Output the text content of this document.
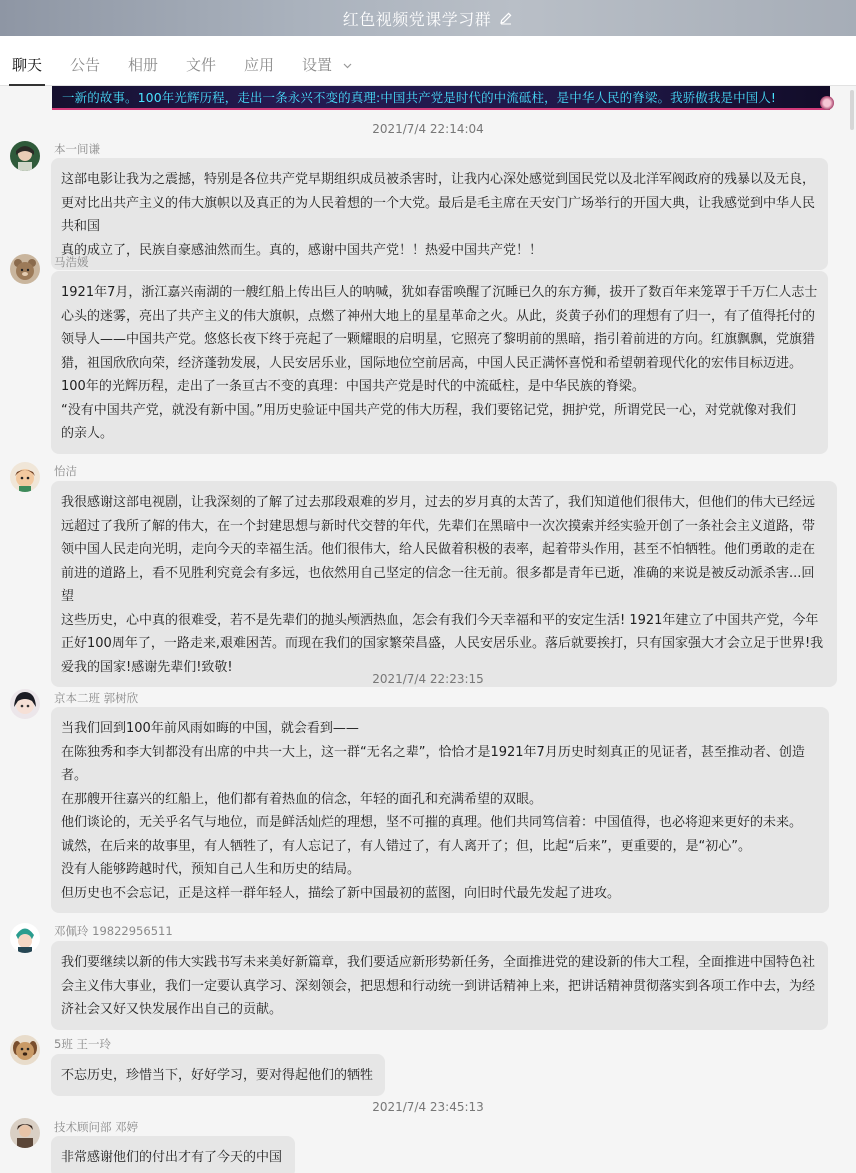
红色视频党课学习群
聊天 公告 相册 文件 应用 设置
一新的故事。100年光辉历程，走出一条永兴不变的真理:中国共产党是时代的中流砥柱，是中华人民的脊梁。我骄傲我是中国人!
2021/7/4 22:14:04
本一间谦

这部电影让我为之震撼，特别是各位共产党早期组织成员被杀害时，让我内心深处感觉到国民党以及北洋军阀政府的残暴以及无良，

更对比出共产主义的伟大旗帜以及真正的为人民着想的一个大党。最后是毛主席在天安门广场举行的开国大典，让我感觉到中华人民共和国

真的成立了，民族自豪感油然而生。真的，感谢中国共产党！！热爱中国共产党！！

马浩媛

1921年7月，浙江嘉兴南湖的一艘红船上传出巨人的呐喊，犹如春雷唤醒了沉睡已久的东方狮，拔开了数百年来笼罩于千万仁人志士

心头的迷雾，亮出了共产主义的伟大旗帜，点燃了神州大地上的星星革命之火。从此，炎黄子孙们的理想有了归一，有了值得托付的

领导人——中国共产党。悠悠长夜下终于亮起了一颗耀眼的启明星，它照亮了黎明前的黑暗，指引着前进的方向。红旗飘飘，党旗猎

猎，祖国欣欣向荣，经济蓬勃发展，人民安居乐业，国际地位空前居高，中国人民正满怀喜悦和希望朝着现代化的宏伟目标迈进。

100年的光辉历程，走出了一条亘古不变的真理：中国共产党是时代的中流砥柱，是中华民族的脊梁。

“没有中国共产党，就没有新中国。”用历史验证中国共产党的伟大历程，我们要铭记党，拥护党，所谓党民一心，对党就像对我们

的亲人。

怡洁

我很感谢这部电视剧，让我深刻的了解了过去那段艰难的岁月，过去的岁月真的太苦了，我们知道他们很伟大，但他们的伟大已经远

远超过了我所了解的伟大，在一个封建思想与新时代交替的年代，先辈们在黑暗中一次次摸索并经实验开创了一条社会主义道路，带

领中国人民走向光明，走向今天的幸福生活。他们很伟大，给人民做着积极的表率，起着带头作用，甚至不怕牺牲。他们勇敢的走在

前进的道路上，看不见胜利究竟会有多远，也依然用自己坚定的信念一往无前。很多都是青年已逝，准确的来说是被反动派杀害...回望

这些历史，心中真的很难受，若不是先辈们的抛头颅洒热血，怎会有我们今天幸福和平的安定生活! 1921年建立了中国共产党，今年

正好100周年了，一路走来,艰难困苦。而现在我们的国家繁荣昌盛，人民安居乐业。落后就要挨打，只有国家强大才会立足于世界!我

爱我的国家!感谢先辈们!致敬!

2021/7/4 22:23:15
京本二班 郭树欣

当我们回到100年前风雨如晦的中国，就会看到——

在陈独秀和李大钊都没有出席的中共一大上，这一群“无名之辈”，恰恰才是1921年7月历史时刻真正的见证者，甚至推动者、创造

者。

在那艘开往嘉兴的红船上，他们都有着热血的信念，年轻的面孔和充满希望的双眼。

他们谈论的，无关乎名气与地位，而是鲜活灿烂的理想，坚不可摧的真理。他们共同笃信着：中国值得，也必将迎来更好的未来。

诚然，在后来的故事里，有人牺牲了，有人忘记了，有人错过了，有人离开了；但，比起“后来”，更重要的，是“初心”。

没有人能够跨越时代，预知自己人生和历史的结局。

但历史也不会忘记，正是这样一群年轻人，描绘了新中国最初的蓝图，向旧时代最先发起了进攻。

邓佩玲 19822956511

我们要继续以新的伟大实践书写未来美好新篇章，我们要适应新形势新任务，全面推进党的建设新的伟大工程，全面推进中国特色社

会主义伟大事业，我们一定要认真学习、深刻领会，把思想和行动统一到讲话精神上来，把讲话精神贯彻落实到各项工作中去，为经

济社会又好又快发展作出自己的贡献。

5班 王一玲

不忘历史，珍惜当下，好好学习，要对得起他们的牺牲

2021/7/4 23:45:13
技术顾问部 邓婷

非常感谢他们的付出才有了今天的中国
